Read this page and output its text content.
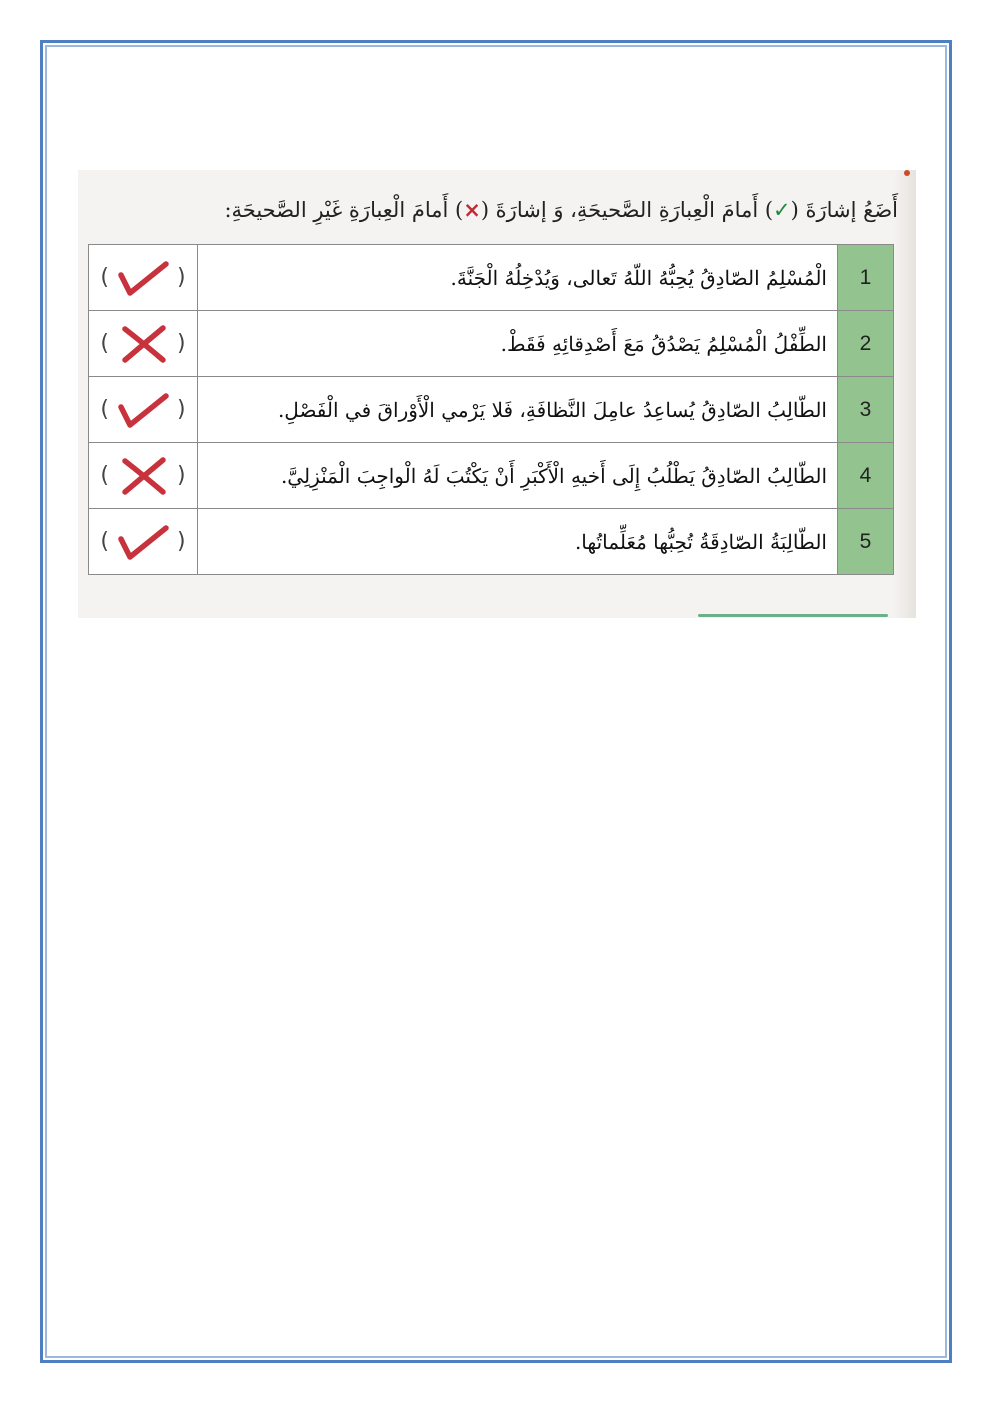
أَضَعُ إشارَةَ (✓) أَمامَ الْعِبارَةِ الصَّحيحَةِ، وَ إشارَةَ (×) أَمامَ الْعِبارَةِ غَيْرِ الصَّحيحَةِ:
1	الْمُسْلِمُ الصّادِقُ يُحِبُّهُ اللّهُ تَعالى، وَيُدْخِلُهُ الْجَنَّةَ.	( )
2	الطِّفْلُ الْمُسْلِمُ يَصْدُقُ مَعَ أَصْدِقائِهِ فَقَطْ.	( )
3	الطّالِبُ الصّادِقُ يُساعِدُ عامِلَ النَّظافَةِ، فَلا يَرْمي الْأَوْراقَ في الْفَصْلِ.	( )
4	الطّالِبُ الصّادِقُ يَطْلُبُ إِلَى أَخيهِ الْأَكْبَرِ أَنْ يَكْتُبَ لَهُ الْواجِبَ الْمَنْزِلِيَّ.	( )
5	الطّالِبَةُ الصّادِقَةُ تُحِبُّها مُعَلِّماتُها.	( )
